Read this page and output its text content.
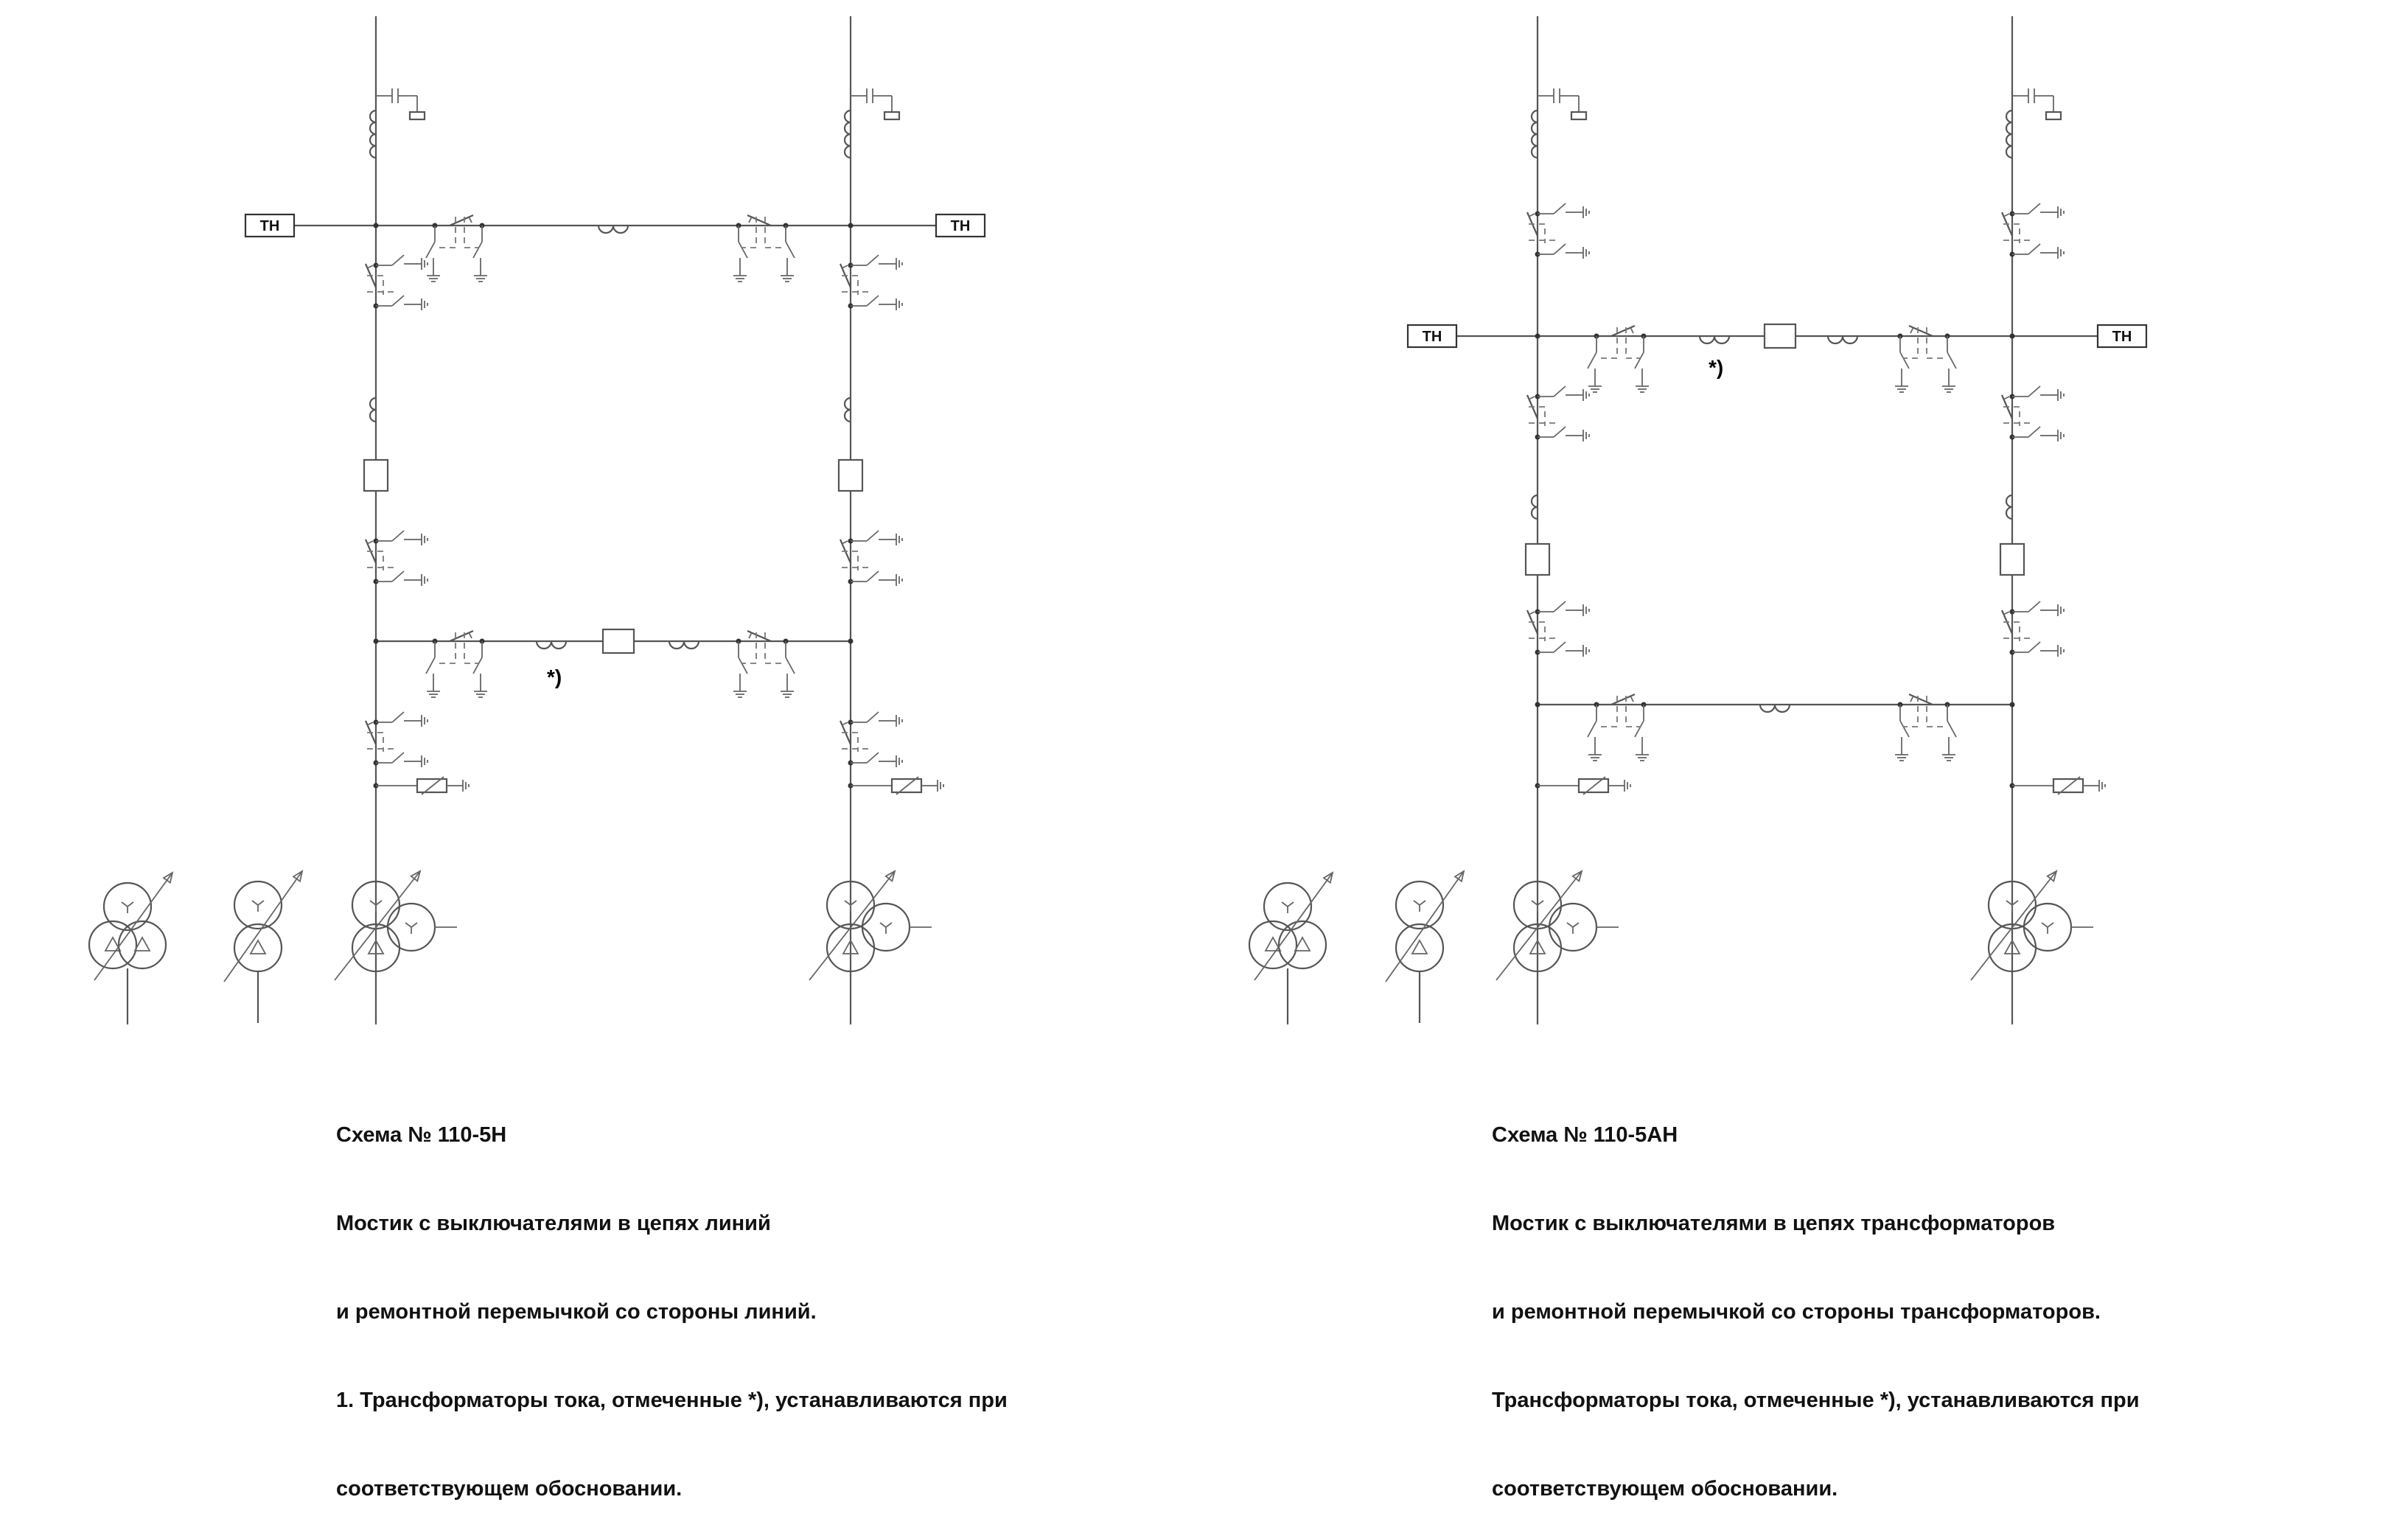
ТН	ТН
*)
ТН	ТН
*)

Схема № 110-5Н

Мостик с выключателями в цепях линий

и ремонтной перемычкой со стороны линий.

1. Трансформаторы тока, отмеченные *), устанавливаются при

соответствующем обосновании.

Схема № 110-5АН

Мостик с выключателями в цепях трансформаторов

и ремонтной перемычкой со стороны трансформаторов.

Трансформаторы тока, отмеченные *), устанавливаются при

соответствующем обосновании.
